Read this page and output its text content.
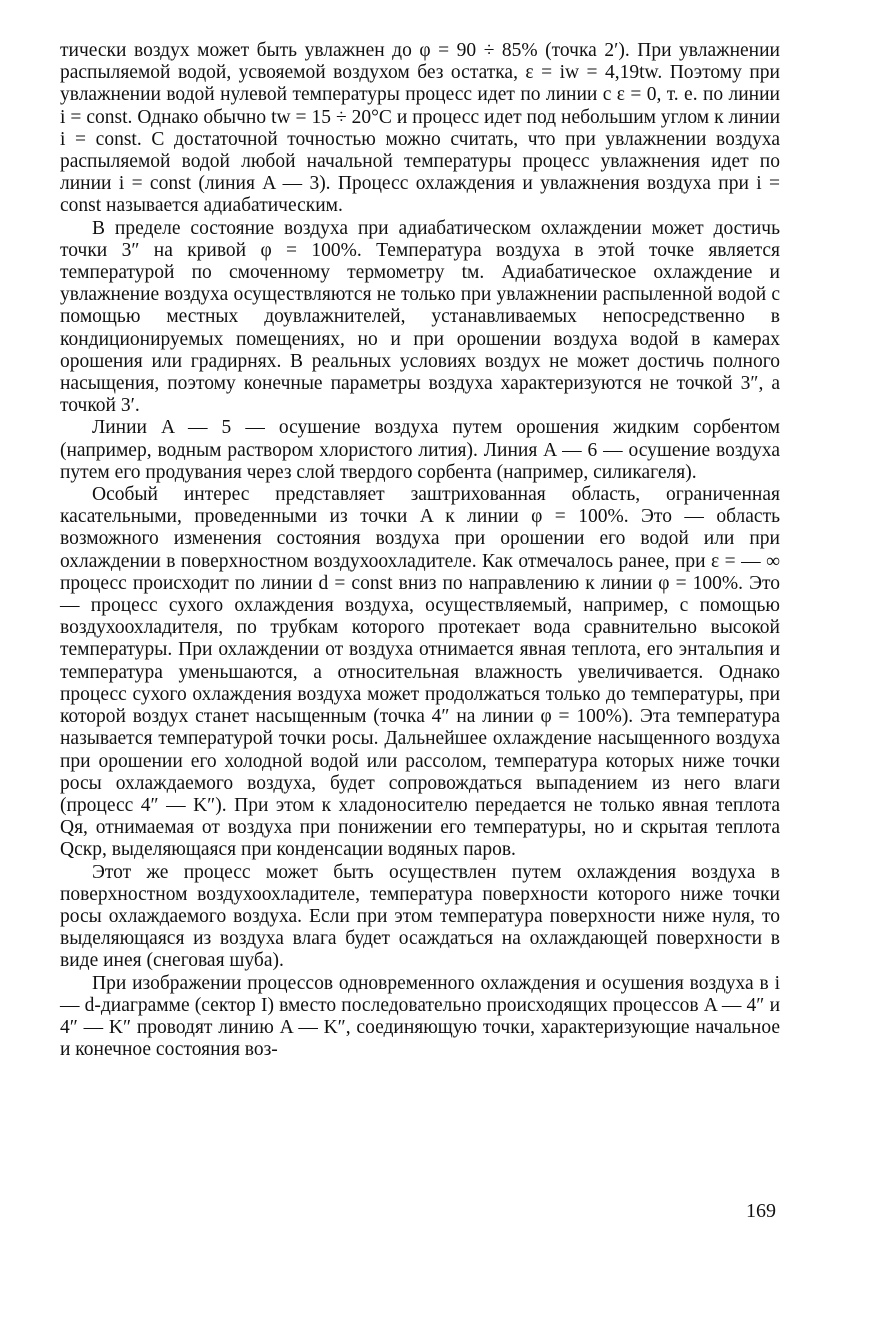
тически воздух может быть увлажнен до φ = 90 ÷ 85% (точка 2′). При увлажнении распыляемой водой, усвояемой воздухом без остатка, ε = iw = 4,19tw. Поэтому при увлажнении водой нулевой температуры процесс идет по линии с ε = 0, т. е. по линии i = const. Однако обычно tw = 15 ÷ 20°C и процесс идет под небольшим углом к линии i = const. С достаточной точностью можно считать, что при увлажнении воздуха распыляемой водой любой начальной температуры процесс увлажнения идет по линии i = const (линия A — 3). Процесс охлаждения и увлажнения воздуха при i = const называется адиабатическим.

В пределе состояние воздуха при адиабатическом охлаждении может достичь точки 3″ на кривой φ = 100%. Температура воздуха в этой точке является температурой по смоченному термометру tм. Адиабатическое охлаждение и увлажнение воздуха осуществляются не только при увлажнении распыленной водой с помощью местных доувлажнителей, устанавливаемых непосредственно в кондиционируемых помещениях, но и при орошении воздуха водой в камерах орошения или градирнях. В реальных условиях воздух не может достичь полного насыщения, поэтому конечные параметры воздуха характеризуются не точкой 3″, а точкой 3′.

Линии A — 5 — осушение воздуха путем орошения жидким сорбентом (например, водным раствором хлористого лития). Линия A — 6 — осушение воздуха путем его продувания через слой твердого сорбента (например, силикагеля).

Особый интерес представляет заштрихованная область, ограниченная касательными, проведенными из точки A к линии φ = 100%. Это — область возможного изменения состояния воздуха при орошении его водой или при охлаждении в поверхностном воздухоохладителе. Как отмечалось ранее, при ε = — ∞ процесс происходит по линии d = const вниз по направлению к линии φ = 100%. Это — процесс сухого охлаждения воздуха, осуществляемый, например, с помощью воздухоохладителя, по трубкам которого протекает вода сравнительно высокой температуры. При охлаждении от воздуха отнимается явная теплота, его энтальпия и температура уменьшаются, а относительная влажность увеличивается. Однако процесс сухого охлаждения воздуха может продолжаться только до температуры, при которой воздух станет насыщенным (точка 4″ на линии φ = 100%). Эта температура называется температурой точки росы. Дальнейшее охлаждение насыщенного воздуха при орошении его холодной водой или рассолом, температура которых ниже точки росы охлаждаемого воздуха, будет сопровождаться выпадением из него влаги (процесс 4″ — K″). При этом к хладоносителю передается не только явная теплота Qя, отнимаемая от воздуха при понижении его температуры, но и скрытая теплота Qскр, выделяющаяся при конденсации водяных паров.

Этот же процесс может быть осуществлен путем охлаждения воздуха в поверхностном воздухоохладителе, температура поверхности которого ниже точки росы охлаждаемого воздуха. Если при этом температура поверхности ниже нуля, то выделяющаяся из воздуха влага будет осаждаться на охлаждающей поверхности в виде инея (снеговая шуба).

При изображении процессов одновременного охлаждения и осушения воздуха в i — d-диаграмме (сектор I) вместо последовательно происходящих процессов A — 4″ и 4″ — K″ проводят линию A — K″, соединяющую точки, характеризующие начальное и конечное состояния воз-

169
